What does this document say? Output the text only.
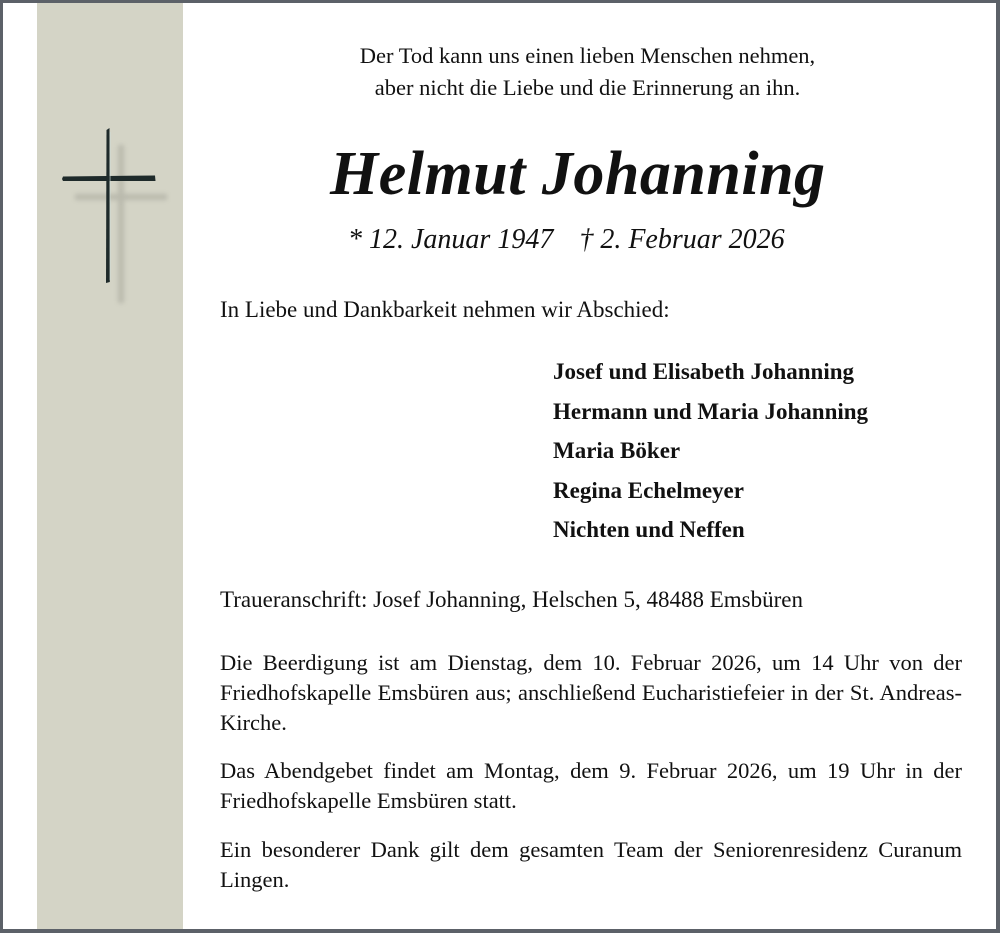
Der Tod kann uns einen lieben Menschen nehmen,
aber nicht die Liebe und die Erinnerung an ihn.
Helmut Johanning
* 12. Januar 1947 † 2. Februar 2026
In Liebe und Dankbarkeit nehmen wir Abschied:
Josef und Elisabeth Johanning
Hermann und Maria Johanning
Maria Böker
Regina Echelmeyer
Nichten und Neffen
Traueranschrift: Josef Johanning, Helschen 5, 48488 Emsbüren
Die Beerdigung ist am Dienstag, dem 10. Februar 2026, um 14 Uhr von der Friedhofskapelle Emsbüren aus; anschließend Eucharistiefeier in der St. Andreas-Kirche.
Das Abendgebet findet am Montag, dem 9. Februar 2026, um 19 Uhr in der Friedhofskapelle Emsbüren statt.
Ein besonderer Dank gilt dem gesamten Team der Seniorenresidenz Curanum Lingen.
